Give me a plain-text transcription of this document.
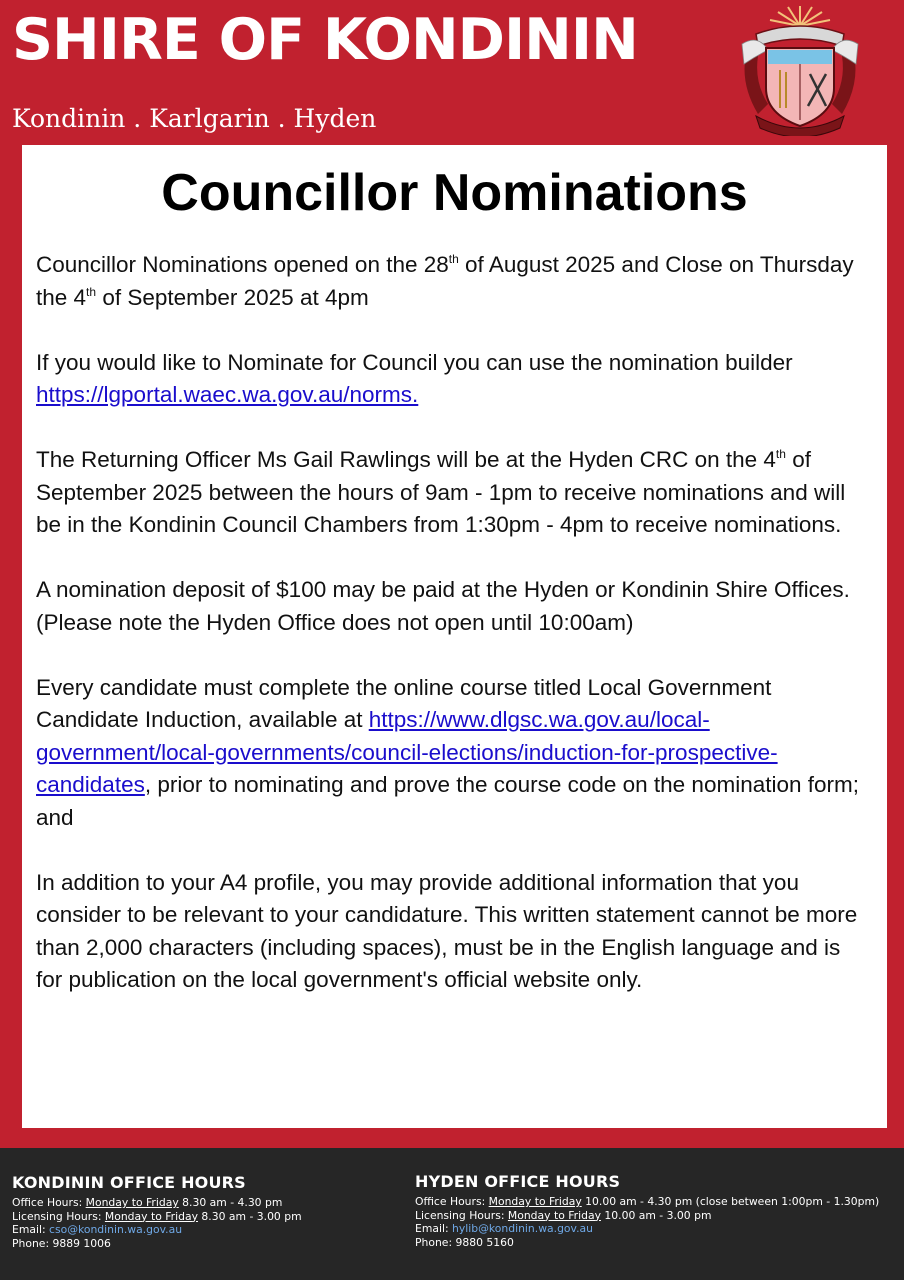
SHIRE OF KONDININ
Kondinin . Karlgarin . Hyden
Councillor Nominations

Councillor Nominations opened on the 28th of August 2025 and Close on Thursday the 4th of September 2025 at 4pm

If you would like to Nominate for Council you can use the nomination builder https://lgportal.waec.wa.gov.au/norms.

The Returning Officer Ms Gail Rawlings will be at the Hyden CRC on the 4th of September 2025 between the hours of 9am - 1pm to receive nominations and will be in the Kondinin Council Chambers from 1:30pm - 4pm to receive nominations.

A nomination deposit of $100 may be paid at the Hyden or Kondinin Shire Offices.
(Please note the Hyden Office does not open until 10:00am)

Every candidate must complete the online course titled Local Government Candidate Induction, available at https://www.dlgsc.wa.gov.au/local-government/local-governments/council-elections/induction-for-prospective-candidates, prior to nominating and prove the course code on the nomination form; and

In addition to your A4 profile, you may provide additional information that you consider to be relevant to your candidature. This written statement cannot be more than 2,000 characters (including spaces), must be in the English language and is for publication on the local government's official website only.

KONDININ OFFICE HOURS
Office Hours: Monday to Friday 8.30 am - 4.30 pm
Licensing Hours: Monday to Friday 8.30 am - 3.00 pm
Email: cso@kondinin.wa.gov.au
Phone: 9889 1006
HYDEN OFFICE HOURS
Office Hours: Monday to Friday 10.00 am - 4.30 pm (close between 1:00pm - 1.30pm)
Licensing Hours: Monday to Friday 10.00 am - 3.00 pm
Email: hylib@kondinin.wa.gov.au
Phone: 9880 5160
